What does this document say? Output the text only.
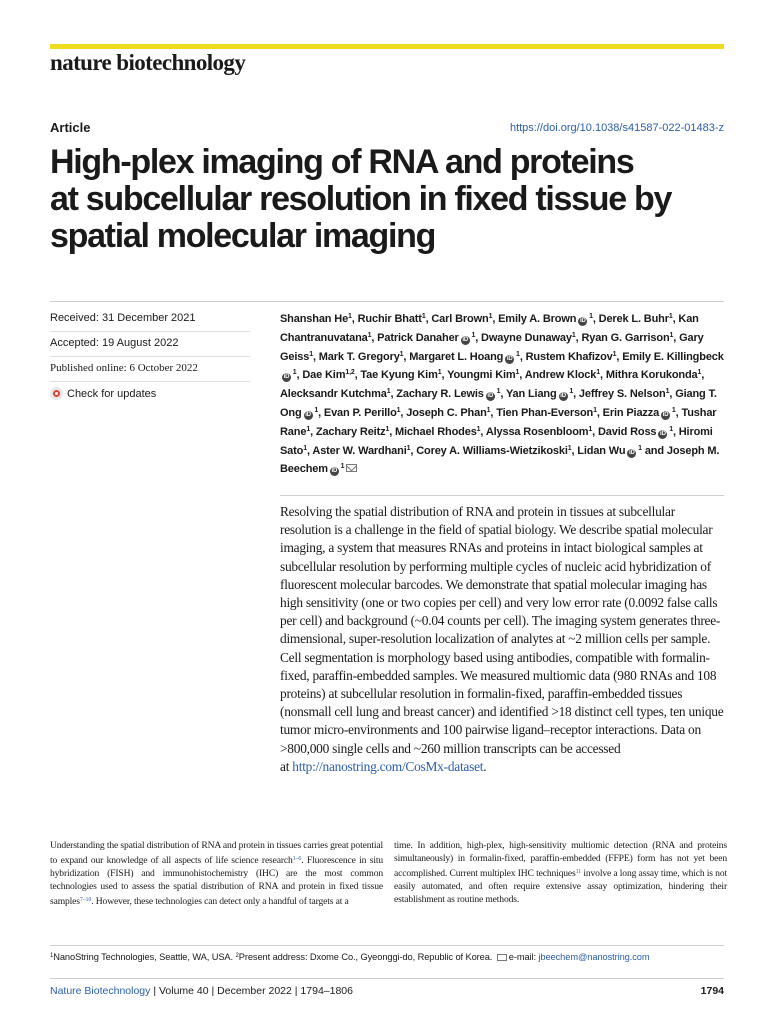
nature biotechnology
Article	https://doi.org/10.1038/s41587-022-01483-z
High-plex imaging of RNA and proteins
at subcellular resolution in fixed tissue by
spatial molecular imaging
Received: 31 December 2021
Accepted: 19 August 2022
Published online: 6 October 2022
Check for updates

Shanshan He$^1$, Ruchir Bhatt$^1$, Carl Brown$^1$, Emily A. Brown iD $^1$, Derek L. Buhr$^1$, Kan Chantranuvatana$^1$, Patrick Danaher iD $^1$, Dwayne Dunaway$^1$, Ryan G. Garrison$^1$, Gary Geiss$^1$, Mark T. Gregory$^1$, Margaret L. Hoang iD $^1$, Rustem Khafizov$^1$, Emily E. KillingbeckiD $^1$, Dae Kim$^{1,2}$, Tae Kyung Kim$^1$, Youngmi Kim$^1$, Andrew Klock$^1$, Mithra Korukonda$^1$, Alecksandr Kutchma$^1$, Zachary R. Lewis iD $^1$, Yan Liang iD $^1$, Jeffrey S. Nelson$^1$, Giang T. Ong iD $^1$, Evan P. Perillo$^1$, Joseph C. Phan$^1$, Tien Phan-Everson$^1$, Erin Piazza iD $^1$, Tushar Rane$^1$, Zachary Reitz$^1$, Michael Rhodes$^1$, Alyssa Rosenbloom$^1$, David Ross iD $^1$, Hiromi Sato$^1$, Aster W. Wardhani$^1$, Corey A. Williams-Wietzikoski$^1$, Lidan Wu iD $^1$ and Joseph M. Beechem iD $^1$

Resolving the spatial distribution of RNA and protein in tissues at subcellular resolution is a challenge in the field of spatial biology. We describe spatial molecular imaging, a system that measures RNAs and proteins in intact biological samples at subcellular resolution by performing multiple cycles of nucleic acid hybridization of fluorescent molecular barcodes. We demonstrate that spatial molecular imaging has high sensitivity (one or two copies per cell) and very low error rate (0.0092 false calls per cell) and background (~0.04 counts per cell). The imaging system generates three-dimensional, super-resolution localization of analytes at ~2 million cells per sample. Cell segmentation is morphology based using antibodies, compatible with formalin-fixed, paraffin-embedded samples. We measured multiomic data (980 RNAs and 108 proteins) at subcellular resolution in formalin-fixed, paraffin-embedded tissues (nonsmall cell lung and breast cancer) and identified >18 distinct cell types, ten unique tumor micro-environments and 100 pairwise ligand–receptor interactions. Data on >800,000 single cells and ~260 million transcripts can be accessed
at http://nanostring.com/CosMx-dataset.

Understanding the spatial distribution of RNA and protein in tissues carries great potential to expand our knowledge of all aspects of life science research$^{1-6}$. Fluorescence in situ hybridization (FISH) and immunohistochemistry (IHC) are the most common technologies used to assess the spatial distribution of RNA and protein in fixed tissue samples$^{7-10}$. However, these technologies can detect only a handful of targets at a

time. In addition, high-plex, high-sensitivity multiomic detection (RNA and proteins simultaneously) in formalin-fixed, paraffin-embedded (FFPE) form has not yet been accomplished. Current multiplex IHC techniques$^{11}$ involve a long assay time, which is not easily automated, and often require extensive assay optimization, hindering their establishment as routine methods.

$^1$NanoString Technologies, Seattle, WA, USA. $^2$Present address: Dxome Co., Gyeonggi-do, Republic of Korea. e-mail: jbeechem@nanostring.com
Nature Biotechnology | Volume 40 | December 2022 | 1794–1806	1794
